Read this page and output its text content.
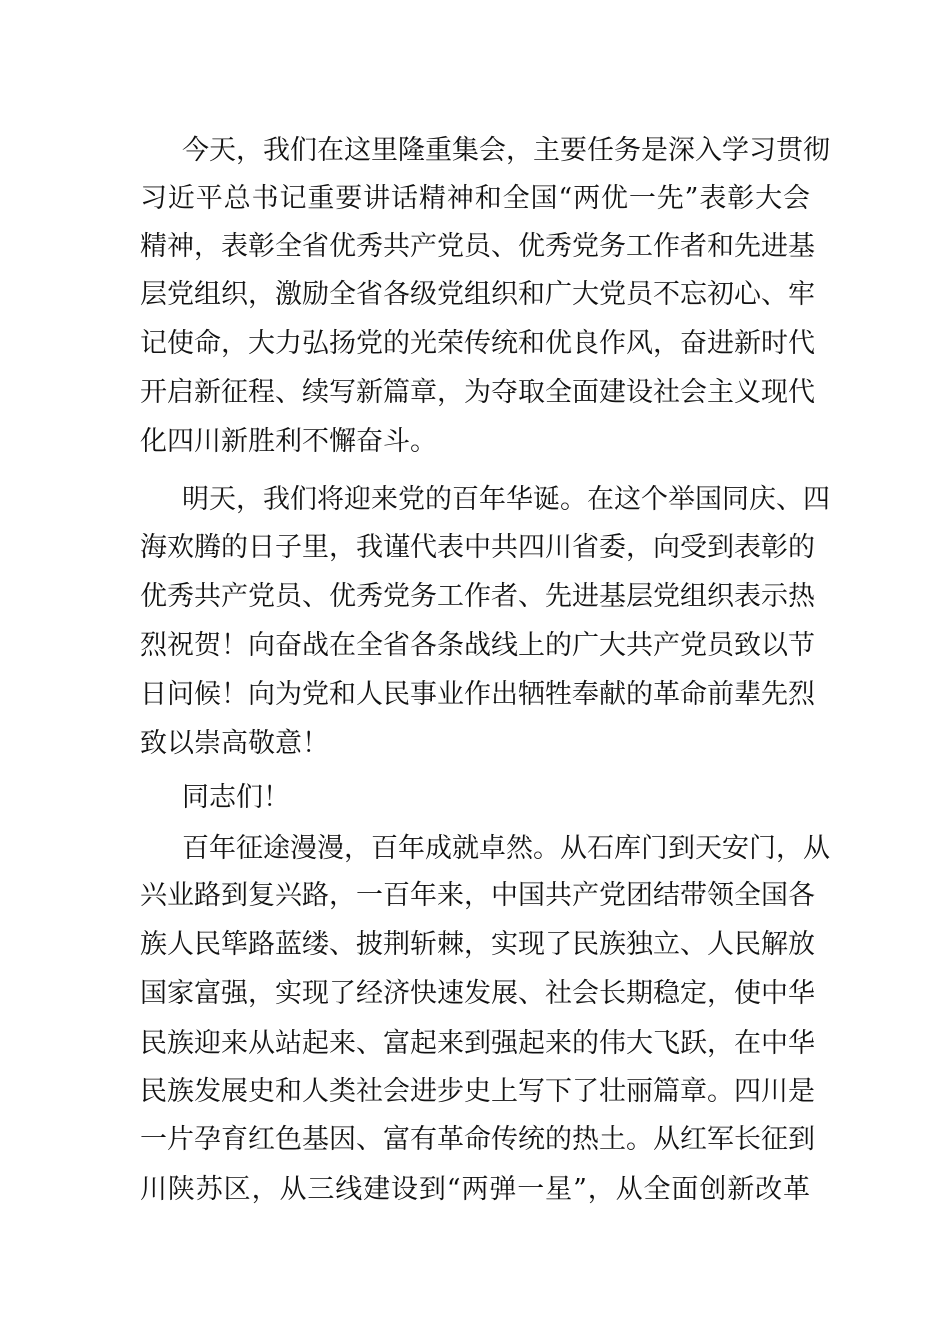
今天，我们在这里隆重集会，主要任务是深入学习贯彻

习近平总书记重要讲话精神和全国“两优一先”表彰大会

精神，表彰全省优秀共产党员、优秀党务工作者和先进基

层党组织，激励全省各级党组织和广大党员不忘初心、牢

记使命，大力弘扬党的光荣传统和优良作风，奋进新时代

开启新征程、续写新篇章，为夺取全面建设社会主义现代

化四川新胜利不懈奋斗。

明天，我们将迎来党的百年华诞。在这个举国同庆、四

海欢腾的日子里，我谨代表中共四川省委，向受到表彰的

优秀共产党员、优秀党务工作者、先进基层党组织表示热

烈祝贺！向奋战在全省各条战线上的广大共产党员致以节

日问候！向为党和人民事业作出牺牲奉献的革命前辈先烈

致以崇高敬意！

同志们！

百年征途漫漫，百年成就卓然。从石库门到天安门，从

兴业路到复兴路，一百年来，中国共产党团结带领全国各

族人民筚路蓝缕、披荆斩棘，实现了民族独立、人民解放

国家富强，实现了经济快速发展、社会长期稳定，使中华

民族迎来从站起来、富起来到强起来的伟大飞跃，在中华

民族发展史和人类社会进步史上写下了壮丽篇章。四川是

一片孕育红色基因、富有革命传统的热土。从红军长征到

川陕苏区，从三线建设到“两弹一星”，从全面创新改革
